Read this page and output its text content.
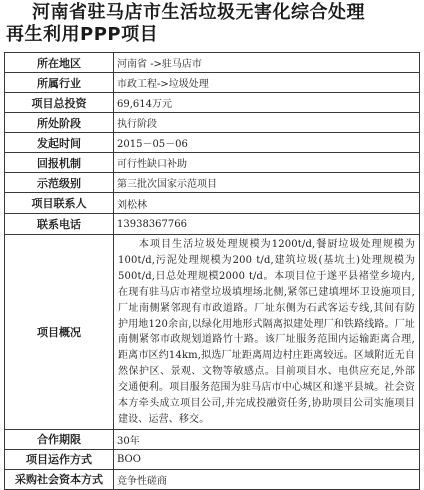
河南省驻马店市生活垃圾无害化综合处理
再生利用PPP项目
所在地区	河南省 ->驻马店市
所属行业	市政工程->垃圾处理
项目总投资	69,614万元
所处阶段	执行阶段
发起时间	2015－05－06
回报机制	可行性缺口补助
示范级别	第三批次国家示范项目
项目联系人	刘松林
联系电话	13938367766
项目概况	本项目生活垃圾处理规模为1200t/d,餐厨垃圾处理规模为100t/d,污泥处理规模为200 t/d,建筑垃圾(基坑土)处理规模为500t/d,日总处理规模2000 t/d。本项目位于遂平县褚堂乡境内,在现有驻马店市褚堂垃圾填埋场北侧,紧邻已建填埋坏卫设施项目,厂址南侧紧邻现有市政道路。厂址东侧为石武客运专线,其间有防护用地120余亩,以绿化用地形式隔离拟建处理厂和铁路线路。厂址南侧紧邻市政规划道路竹十路。该厂址服务范围内运输距离合理,距离市区约14km,拟选厂址距离周边村庄距离较远。区域附近无自然保护区、景观、文物等敏感点。目前项目水、电供应充足,外部交通便利。项目服务范围为驻马店市中心城区和遂平县城。社会资本方牵头成立项目公司,并完成投融资任务,协助项目公司实施项目建设、运营、移交。
合作期限	30年
项目运作方式	BOO
采购社会资本方式	竞争性磋商
